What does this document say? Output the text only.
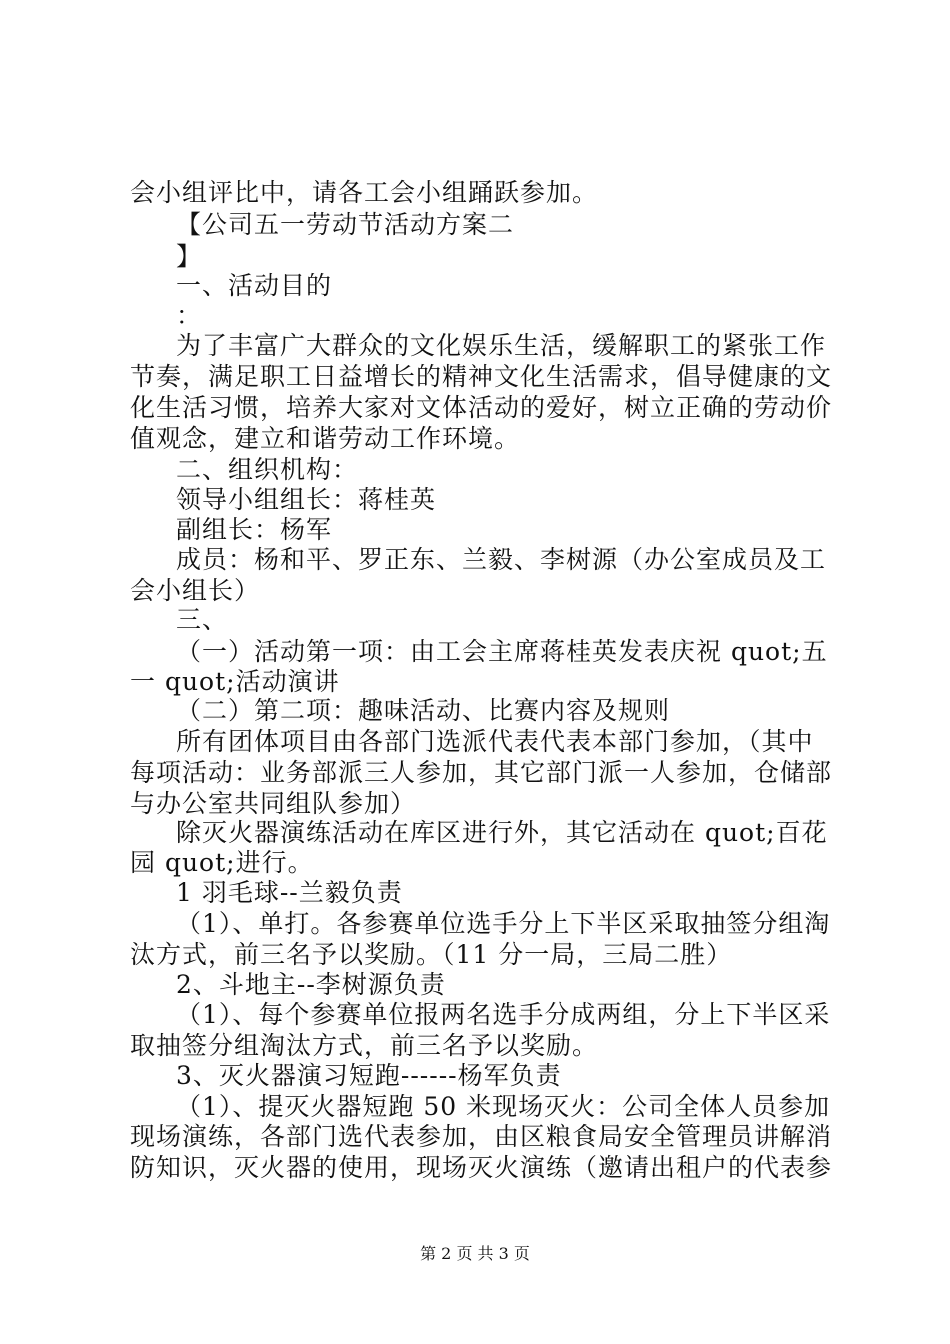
会小组评比中，请各工会小组踊跃参加。
【公司五一劳动节活动方案二
】
一、活动目的
：
为了丰富广大群众的文化娱乐生活，缓解职工的紧张工作
节奏，满足职工日益增长的精神文化生活需求，倡导健康的文
化生活习惯，培养大家对文体活动的爱好，树立正确的劳动价
值观念，建立和谐劳动工作环境。
二、组织机构：
领导小组组长：蒋桂英
副组长：杨军
成员：杨和平、罗正东、兰毅、李树源（办公室成员及工
会小组长）
三、
（一）活动第一项：由工会主席蒋桂英发表庆祝 quot;五
一 quot;活动演讲
（二）第二项：趣味活动、比赛内容及规则
所有团体项目由各部门选派代表代表本部门参加，（其中
每项活动：业务部派三人参加，其它部门派一人参加，仓储部
与办公室共同组队参加）
除灭火器演练活动在库区进行外，其它活动在 quot;百花
园 quot;进行。
1 羽毛球--兰毅负责
（1）、单打。各参赛单位选手分上下半区采取抽签分组淘
汰方式，前三名予以奖励。（11 分一局，三局二胜）
2、斗地主--李树源负责
（1）、每个参赛单位报两名选手分成两组，分上下半区采
取抽签分组淘汰方式，前三名予以奖励。
3、灭火器演习短跑------杨军负责
（1）、提灭火器短跑 50 米现场灭火：公司全体人员参加
现场演练，各部门选代表参加，由区粮食局安全管理员讲解消
防知识，灭火器的使用，现场灭火演练（邀请出租户的代表参
第 2 页 共 3 页
